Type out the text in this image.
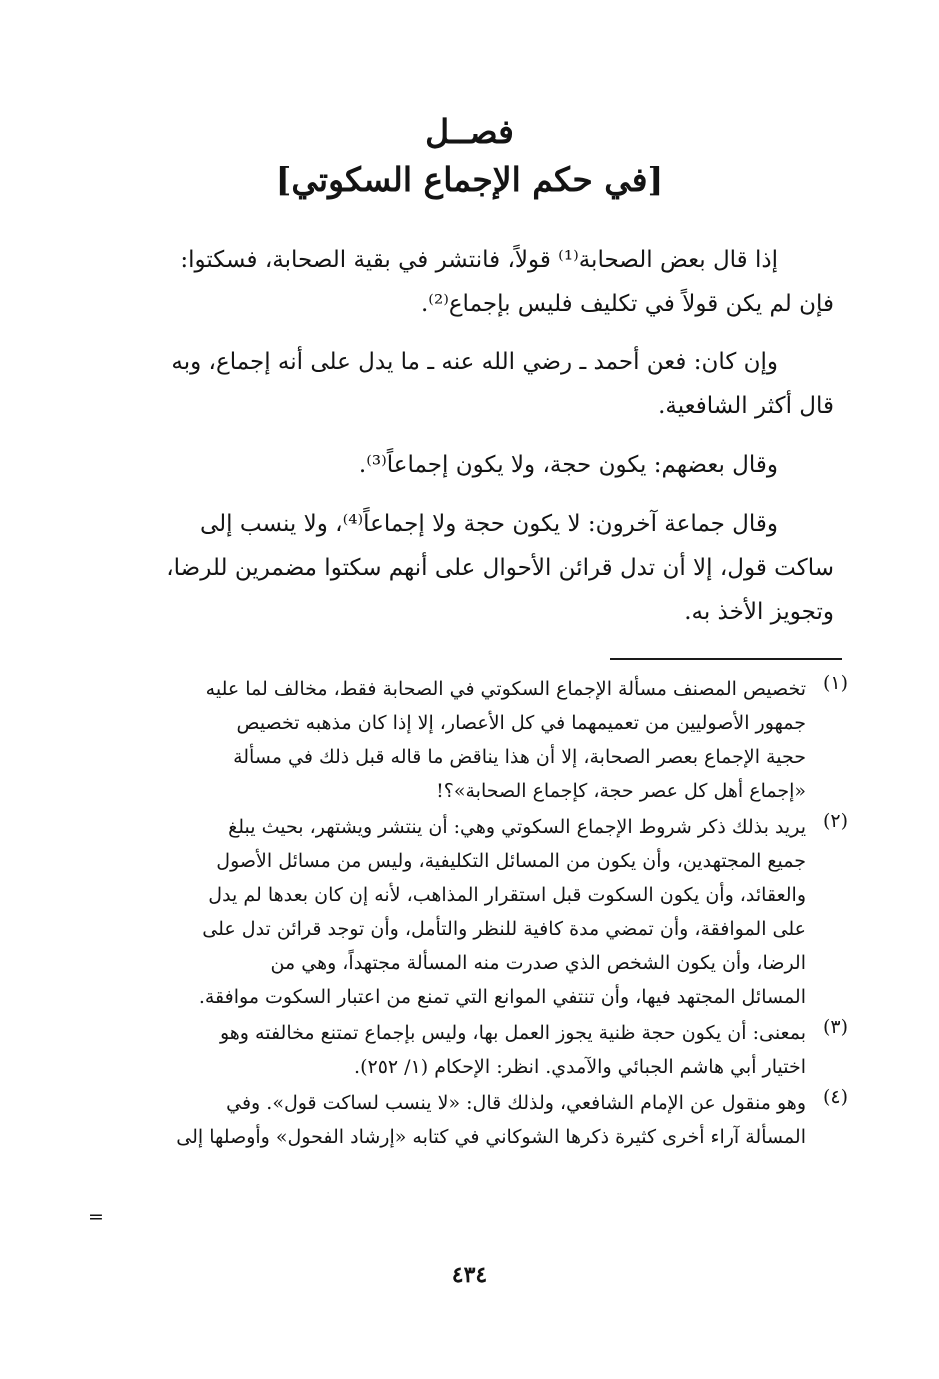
فصــل
[في حكم الإجماع السكوتي]
إذا قال بعض الصحابة⁽¹⁾ قولاً، فانتشر في بقية الصحابة، فسكتوا:
فإن لم يكن قولاً في تكليف فليس بإجماع⁽²⁾.
وإن كان: فعن أحمد ـ رضي الله عنه ـ ما يدل على أنه إجماع، وبه
قال أكثر الشافعية.
وقال بعضهم: يكون حجة، ولا يكون إجماعاً⁽³⁾.
وقال جماعة آخرون: لا يكون حجة ولا إجماعاً⁽⁴⁾، ولا ينسب إلى
ساكت قول، إلا أن تدل قرائن الأحوال على أنهم سكتوا مضمرين للرضا،
وتجويز الأخذ به.
(١)
تخصيص المصنف مسألة الإجماع السكوتي في الصحابة فقط، مخالف لما عليه
جمهور الأصوليين من تعميمهما في كل الأعصار، إلا إذا كان مذهبه تخصيص
حجية الإجماع بعصر الصحابة، إلا أن هذا يناقض ما قاله قبل ذلك في مسألة
«إجماع أهل كل عصر حجة، كإجماع الصحابة»؟!
(٢)
يريد بذلك ذكر شروط الإجماع السكوتي وهي: أن ينتشر ويشتهر، بحيث يبلغ
جميع المجتهدين، وأن يكون من المسائل التكليفية، وليس من مسائل الأصول
والعقائد، وأن يكون السكوت قبل استقرار المذاهب، لأنه إن كان بعدها لم يدل
على الموافقة، وأن تمضي مدة كافية للنظر والتأمل، وأن توجد قرائن تدل على
الرضا، وأن يكون الشخص الذي صدرت منه المسألة مجتهداً، وهي من
المسائل المجتهد فيها، وأن تنتفي الموانع التي تمنع من اعتبار السكوت موافقة.
(٣)
بمعنى: أن يكون حجة ظنية يجوز العمل بها، وليس بإجماع تمتنع مخالفته وهو
اختيار أبي هاشم الجبائي والآمدي. انظر: الإحكام (١/ ٢٥٢).
(٤)
وهو منقول عن الإمام الشافعي، ولذلك قال: «لا ينسب لساكت قول». وفي
المسألة آراء أخرى كثيرة ذكرها الشوكاني في كتابه «إرشاد الفحول» وأوصلها إلى
=
٤٣٤
